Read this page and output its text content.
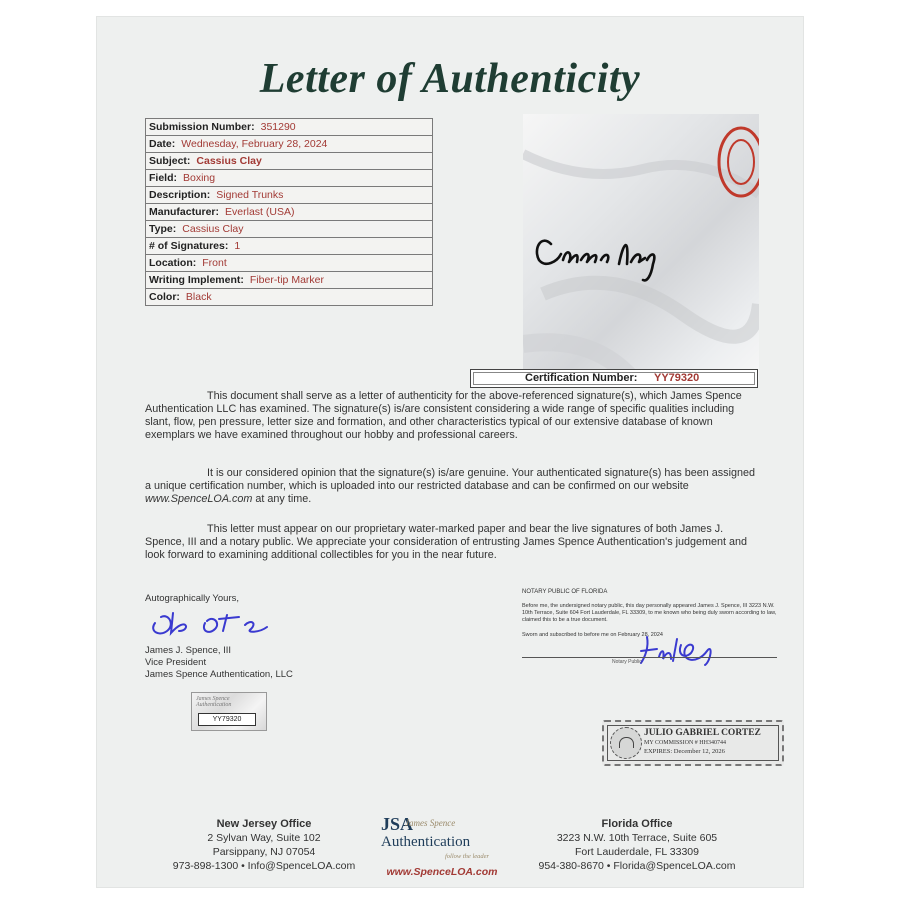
Letter of Authenticity
Submission Number: 351290
Date: Wednesday, February 28, 2024
Subject: Cassius Clay
Field: Boxing
Description: Signed Trunks
Manufacturer: Everlast (USA)
Type: Cassius Clay
# of Signatures: 1
Location: Front
Writing Implement: Fiber-tip Marker
Color: Black
Certification Number: YY79320
This document shall serve as a letter of authenticity for the above-referenced signature(s), which James Spence Authentication LLC has examined. The signature(s) is/are consistent considering a wide range of specific qualities including slant, flow, pen pressure, letter size and formation, and other characteristics typical of our extensive database of known exemplars we have examined throughout our hobby and professional careers.
It is our considered opinion that the signature(s) is/are genuine. Your authenticated signature(s) has been assigned a unique certification number, which is uploaded into our restricted database and can be confirmed on our website www.SpenceLOA.com at any time.
This letter must appear on our proprietary water-marked paper and bear the live signatures of both James J. Spence, III and a notary public. We appreciate your consideration of entrusting James Spence Authentication's judgement and look forward to examining additional collectibles for you in the near future.
Autographically Yours,
James J. Spence, III
Vice President
James Spence Authentication, LLC
James Spence Authentication
YY79320
NOTARY PUBLIC OF FLORIDA
Before me, the undersigned notary public, this day personally appeared James J. Spence, III 3223 N.W. 10th Terrace, Suite 604 Fort Lauderdale, FL 33309, to me known who being duly sworn according to law, claimed this to be a true document.
Sworn and subscribed to before me on February 28, 2024
Notary Public
JULIO GABRIEL CORTEZ
MY COMMISSION # HH340744
EXPIRES: December 12, 2026
New Jersey Office
2 Sylvan Way, Suite 102
Parsippany, NJ 07054
973-898-1300 • Info@SpenceLOA.com
JSA
James Spence
Authentication
follow the leader
www.SpenceLOA.com
Florida Office
3223 N.W. 10th Terrace, Suite 605
Fort Lauderdale, FL 33309
954-380-8670 • Florida@SpenceLOA.com
